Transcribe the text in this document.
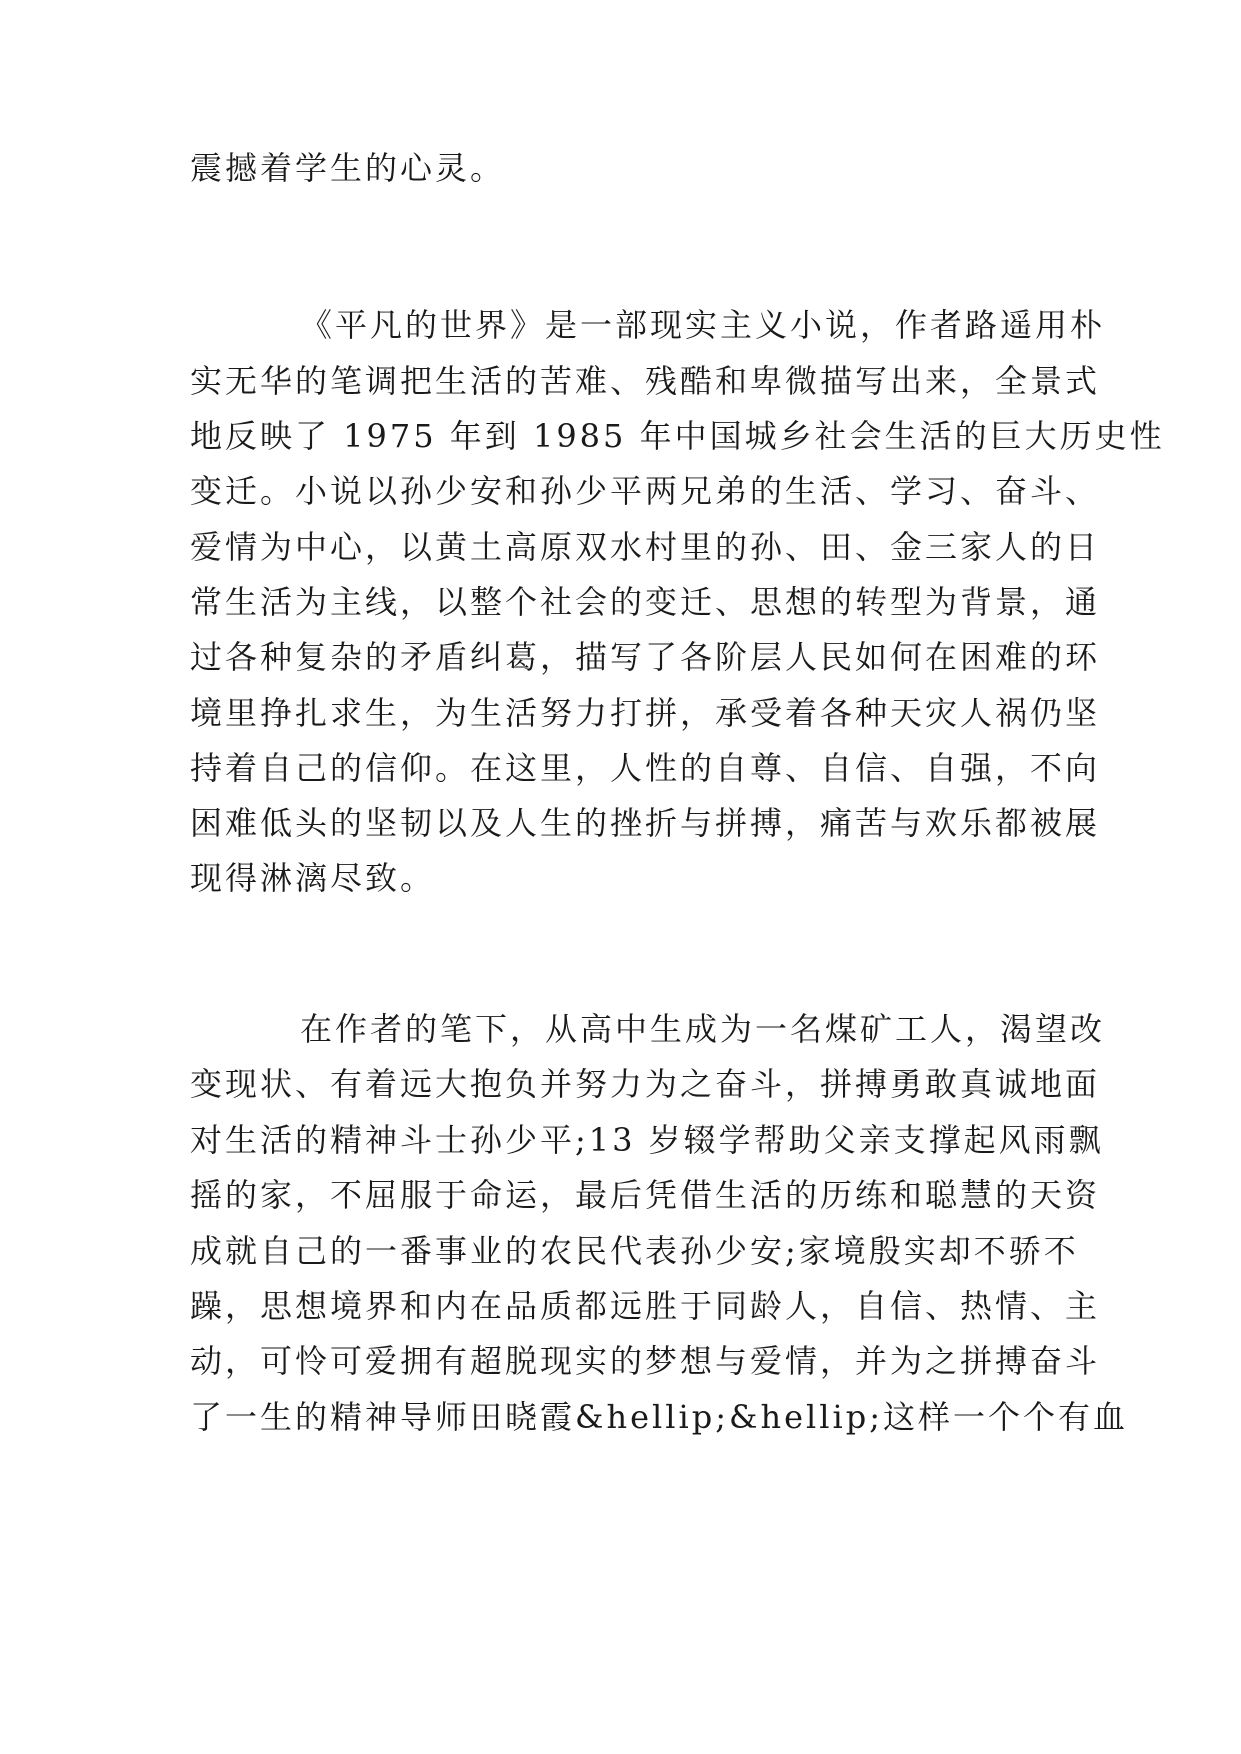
震撼着学生的心灵。

《平凡的世界》是一部现实主义小说，作者路遥用朴

实无华的笔调把生活的苦难、残酷和卑微描写出来，全景式

地反映了 1975 年到 1985 年中国城乡社会生活的巨大历史性

变迁。小说以孙少安和孙少平两兄弟的生活、学习、奋斗、

爱情为中心，以黄土高原双水村里的孙、田、金三家人的日

常生活为主线，以整个社会的变迁、思想的转型为背景，通

过各种复杂的矛盾纠葛，描写了各阶层人民如何在困难的环

境里挣扎求生，为生活努力打拼，承受着各种天灾人祸仍坚

持着自己的信仰。在这里，人性的自尊、自信、自强，不向

困难低头的坚韧以及人生的挫折与拼搏，痛苦与欢乐都被展

现得淋漓尽致。

在作者的笔下，从高中生成为一名煤矿工人，渴望改

变现状、有着远大抱负并努力为之奋斗，拼搏勇敢真诚地面

对生活的精神斗士孙少平;13 岁辍学帮助父亲支撑起风雨飘

摇的家，不屈服于命运，最后凭借生活的历练和聪慧的天资

成就自己的一番事业的农民代表孙少安;家境殷实却不骄不

躁，思想境界和内在品质都远胜于同龄人，自信、热情、主

动，可怜可爱拥有超脱现实的梦想与爱情，并为之拼搏奋斗

了一生的精神导师田晓霞&hellip;&hellip;这样一个个有血
